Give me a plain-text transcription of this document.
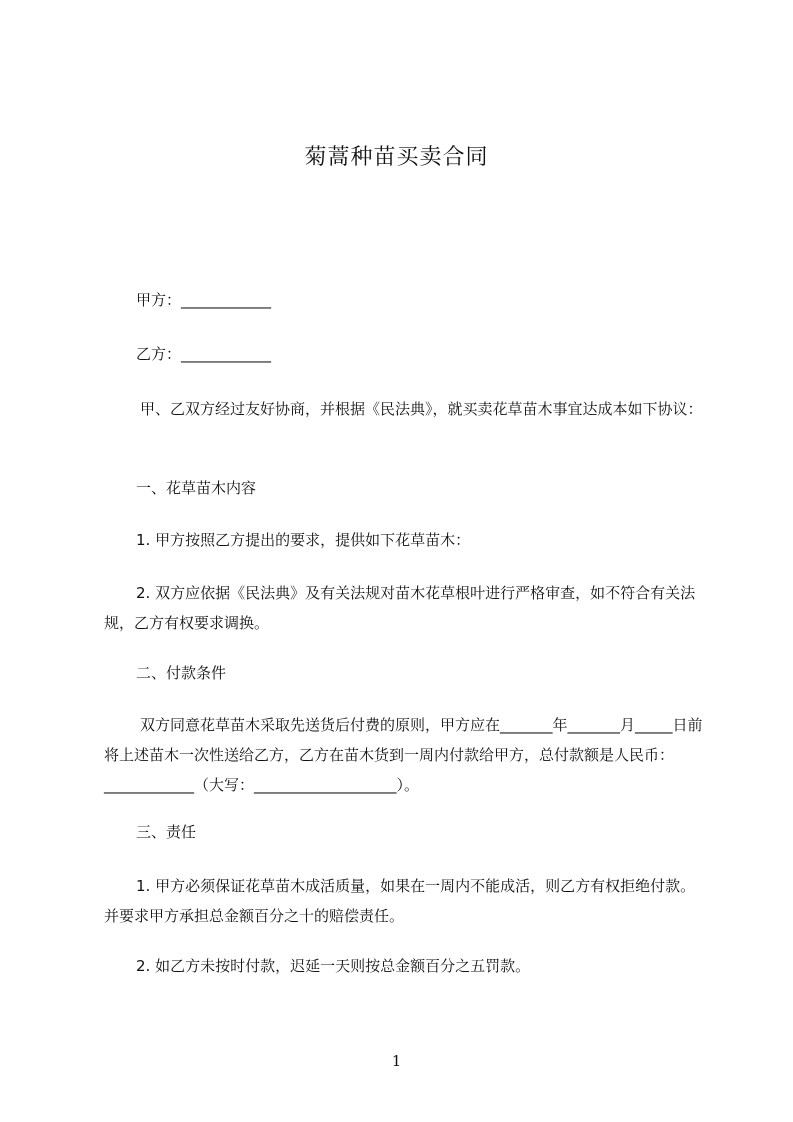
菊蒿种苗买卖合同

甲方：____________

乙方：____________

甲、乙双方经过友好协商，并根据《民法典》，就买卖花草苗木事宜达成本如下协议：

一、花草苗木内容

1. 甲方按照乙方提出的要求，提供如下花草苗木：

2. 双方应依据《民法典》及有关法规对苗木花草根叶进行严格审查，如不符合有关法规，乙方有权要求调换。

二、付款条件

双方同意花草苗木采取先送货后付费的原则，甲方应在_______年_______月_____日前将上述苗木一次性送给乙方，乙方在苗木货到一周内付款给甲方，总付款额是人民币：____________（大写：___________________）。

三、责任

1. 甲方必须保证花草苗木成活质量，如果在一周内不能成活，则乙方有权拒绝付款。并要求甲方承担总金额百分之十的赔偿责任。

2. 如乙方未按时付款，迟延一天则按总金额百分之五罚款。

1
